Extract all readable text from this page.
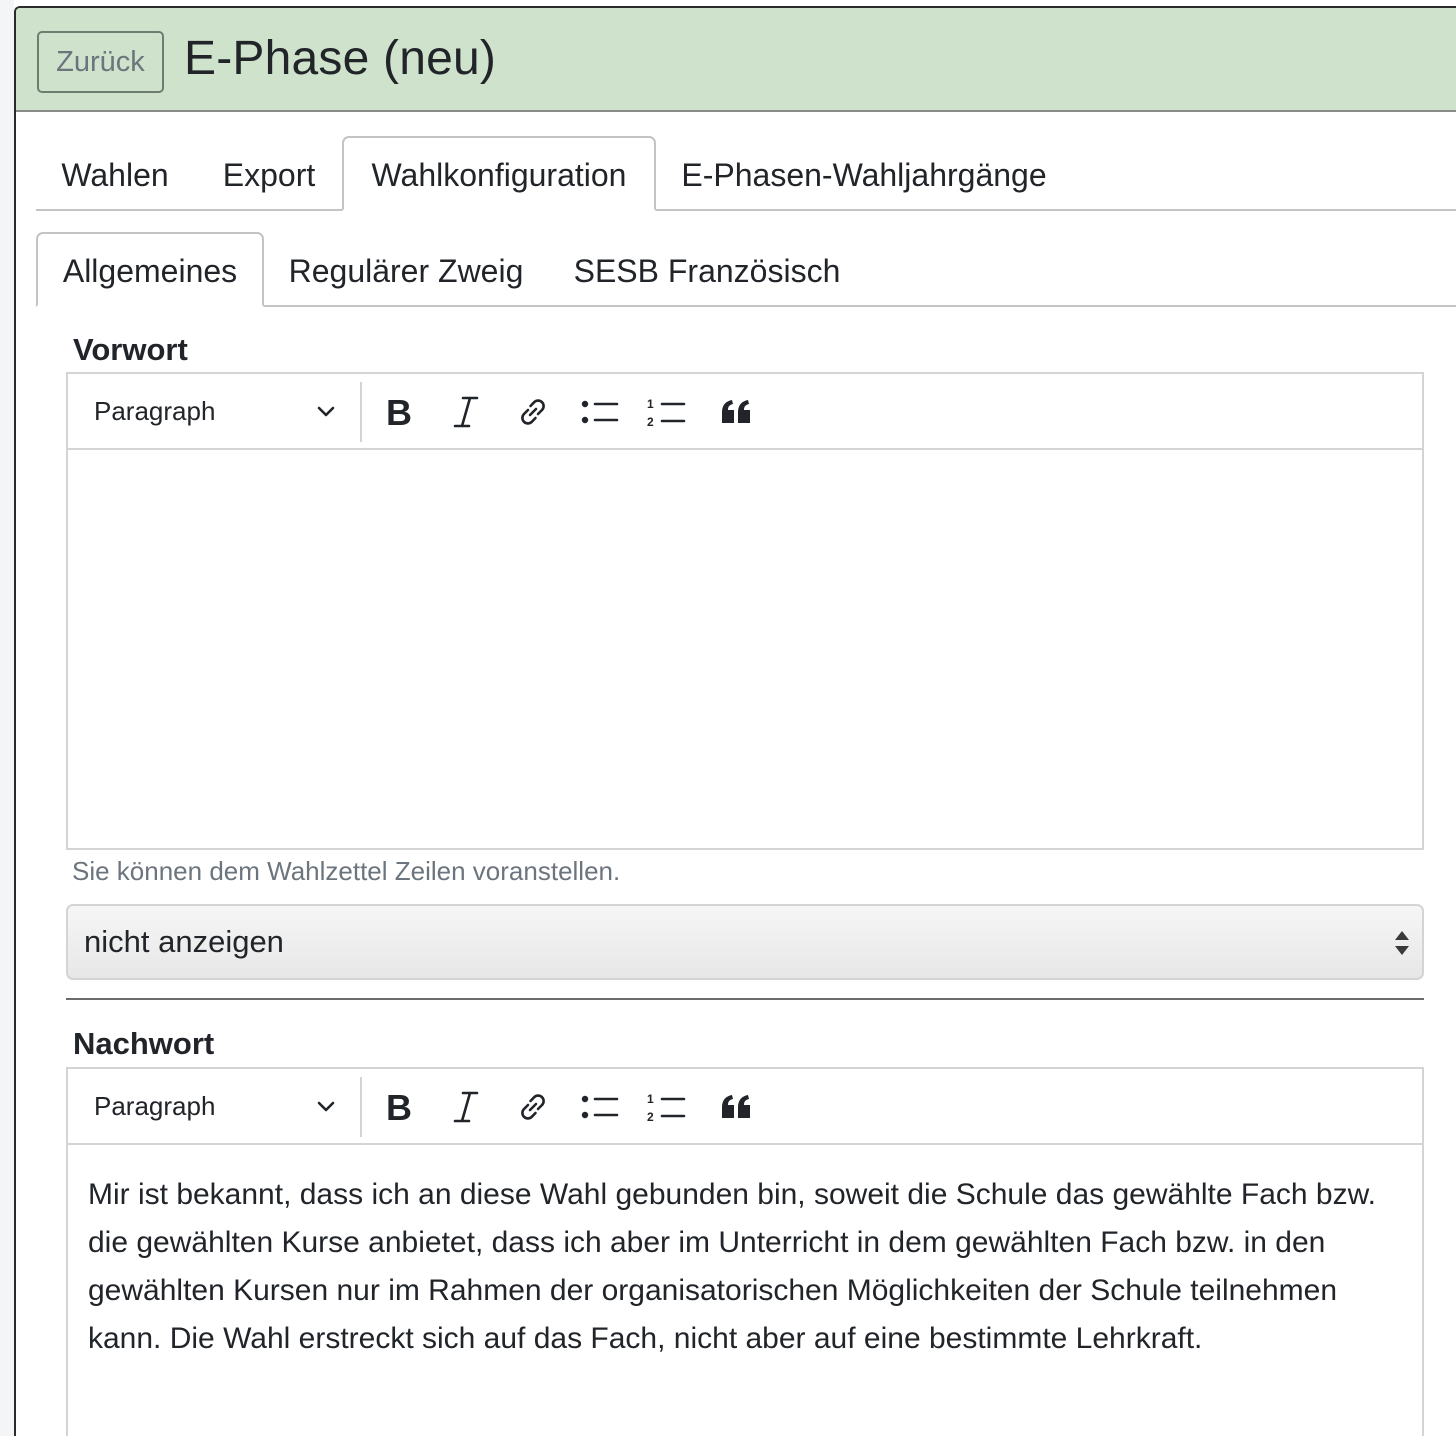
Zurück E-Phase (neu)
Wahlen	Export	Wahlkonfiguration	E-Phasen-Wahljahrgänge
Allgemeines	Regulärer Zweig	SESB Französisch
Vorwort
Paragraph	B	1
2
Sie können dem Wahlzettel Zeilen voranstellen.
nicht anzeigen
Nachwort
Paragraph	B	1
2
Mir ist bekannt, dass ich an diese Wahl gebunden bin, soweit die Schule das gewählte Fach bzw. die gewählten Kurse anbietet, dass ich aber im Unterricht in dem gewählten Fach bzw. in den gewählten Kursen nur im Rahmen der organisatorischen Möglichkeiten der Schule teilnehmen kann. Die Wahl erstreckt sich auf das Fach, nicht aber auf eine bestimmte Lehrkraft.
